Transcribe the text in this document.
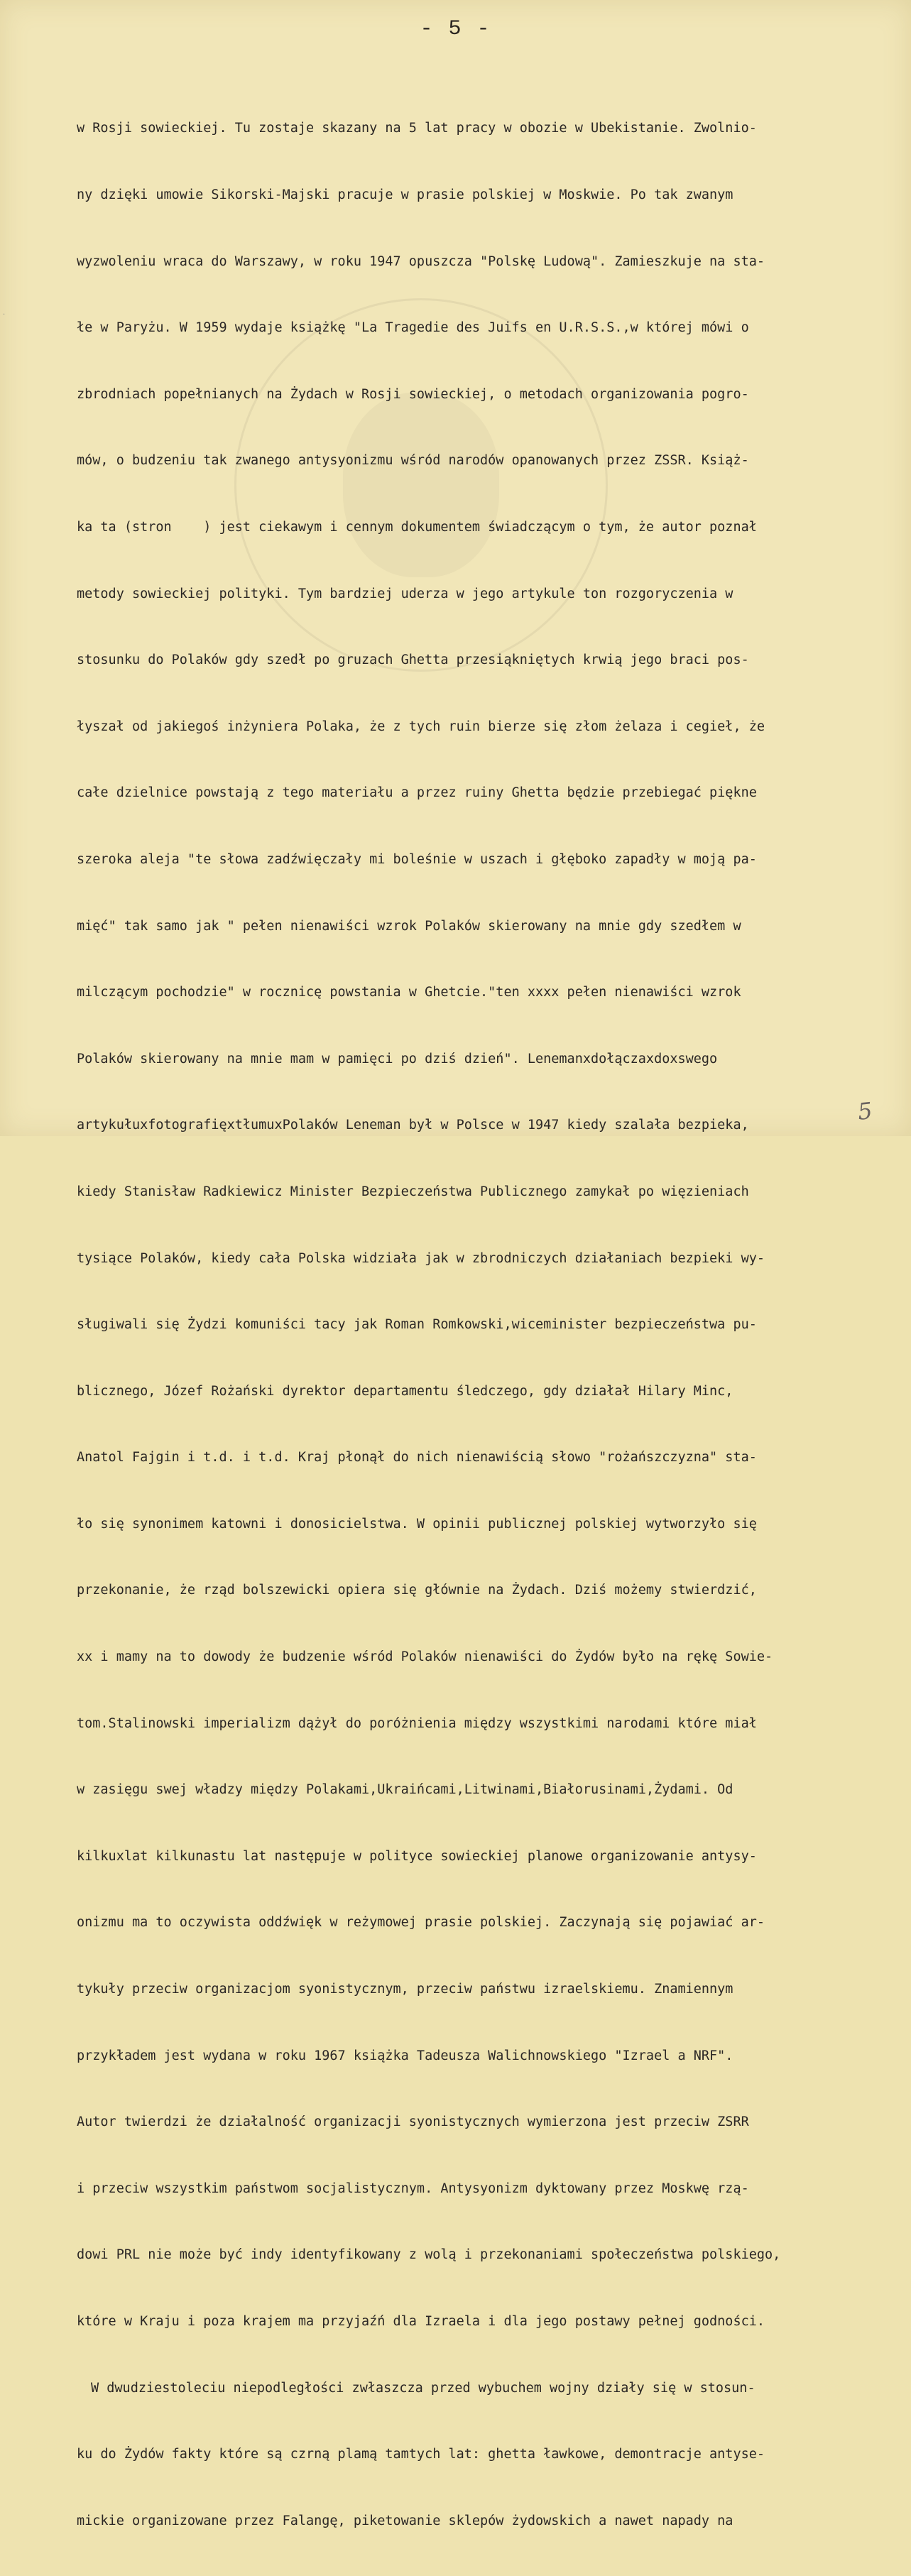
·
- 5 -

w Rosji sowieckiej. Tu zostaje skazany na 5 lat pracy w obozie w Ubekistanie. Zwolnio-

ny dzięki umowie Sikorski-Majski pracuje w prasie polskiej w Moskwie. Po tak zwanym

wyzwoleniu wraca do Warszawy, w roku 1947 opuszcza "Polskę Ludową". Zamieszkuje na sta-

łe w Paryżu. W 1959 wydaje książkę "La Tragedie des Juifs en U.R.S.S.,w której mówi o

zbrodniach popełnianych na Żydach w Rosji sowieckiej, o metodach organizowania pogro-

mów, o budzeniu tak zwanego antysyonizmu wśród narodów opanowanych przez ZSSR. Książ-

ka ta (stron    ) jest ciekawym i cennym dokumentem świadczącym o tym, że autor poznał

metody sowieckiej polityki. Tym bardziej uderza w jego artykule ton rozgoryczenia w

stosunku do Polaków gdy szedł po gruzach Ghetta przesiąkniętych krwią jego braci pos-

łyszał od jakiegoś inżyniera Polaka, że z tych ruin bierze się złom żelaza i cegieł, że

całe dzielnice powstają z tego materiału a przez ruiny Ghetta będzie przebiegać piękne

szeroka aleja "te słowa zadźwięczały mi boleśnie w uszach i głęboko zapadły w moją pa-

mięć" tak samo jak " pełen nienawiści wzrok Polaków skierowany na mnie gdy szedłem w

milczącym pochodzie" w rocznicę powstania w Ghetcie."ten xxxx pełen nienawiści wzrok

Polaków skierowany na mnie mam w pamięci po dziś dzień". Lenemanxdołączaxdoxswego

artykułuxfotografięxtłumuxPolaków Leneman był w Polsce w 1947 kiedy szalała bezpieka,

kiedy Stanisław Radkiewicz Minister Bezpieczeństwa Publicznego zamykał po więzieniach

tysiące Polaków, kiedy cała Polska widziała jak w zbrodniczych działaniach bezpieki wy-

sługiwali się Żydzi komuniści tacy jak Roman Romkowski,wiceminister bezpieczeństwa pu-

blicznego, Józef Rożański dyrektor departamentu śledczego, gdy działał Hilary Minc,

Anatol Fajgin i t.d. i t.d. Kraj płonął do nich nienawiścią słowo "rożańszczyzna" sta-

ło się synonimem katowni i donosicielstwa. W opinii publicznej polskiej wytworzyło się

przekonanie, że rząd bolszewicki opiera się głównie na Żydach. Dziś możemy stwierdzić,

xx i mamy na to dowody że budzenie wśród Polaków nienawiści do Żydów było na rękę Sowie-

tom.Stalinowski imperializm dążył do poróżnienia między wszystkimi narodami które miał

w zasięgu swej władzy między Polakami,Ukraińcami,Litwinami,Białorusinami,Żydami. Od

kilkuxlat kilkunastu lat następuje w polityce sowieckiej planowe organizowanie antysy-

onizmu ma to oczywista oddźwięk w reżymowej prasie polskiej. Zaczynają się pojawiać ar-

tykuły przeciw organizacjom syonistycznym, przeciw państwu izraelskiemu. Znamiennym

przykładem jest wydana w roku 1967 książka Tadeusza Walichnowskiego "Izrael a NRF".

Autor twierdzi że działalność organizacji syonistycznych wymierzona jest przeciw ZSRR

i przeciw wszystkim państwom socjalistycznym. Antysyonizm dyktowany przez Moskwę rzą-

dowi PRL nie może być indy identyfikowany z wolą i przekonaniami społeczeństwa polskiego,

które w Kraju i poza krajem ma przyjaźń dla Izraela i dla jego postawy pełnej godności.

W dwudziestoleciu niepodległości zwłaszcza przed wybuchem wojny działy się w stosun-

ku do Żydów fakty które są czrną plamą tamtych lat: ghetta ławkowe, demontracje antyse-

mickie organizowane przez Falangę, piketowanie sklepów żydowskich a nawet napady na

5
